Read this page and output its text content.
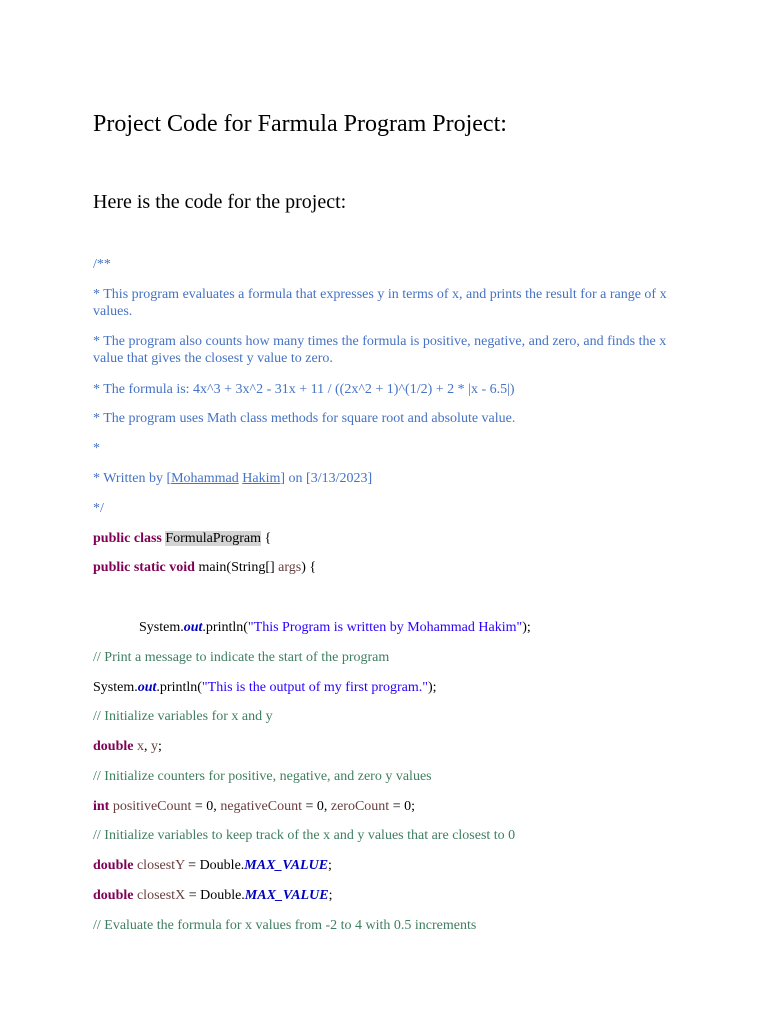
Project Code for Farmula Program Project:
Here is the code for the project:
/**
* This program evaluates a formula that expresses y in terms of x, and prints the result for a range of x values.
* The program also counts how many times the formula is positive, negative, and zero, and finds the x value that gives the closest y value to zero.
* The formula is: 4x^3 + 3x^2 - 31x + 11 / ((2x^2 + 1)^(1/2) + 2 * |x - 6.5|)
* The program uses Math class methods for square root and absolute value.
*
* Written by [Mohammad Hakim] on [3/13/2023]
*/
public class FormulaProgram {
public static void main(String[] args) {
System.out.println("This Program is written by Mohammad Hakim");
// Print a message to indicate the start of the program
System.out.println("This is the output of my first program.");
// Initialize variables for x and y
double x, y;
// Initialize counters for positive, negative, and zero y values
int positiveCount = 0, negativeCount = 0, zeroCount = 0;
// Initialize variables to keep track of the x and y values that are closest to 0
double closestY = Double.MAX_VALUE;
double closestX = Double.MAX_VALUE;
// Evaluate the formula for x values from -2 to 4 with 0.5 increments
